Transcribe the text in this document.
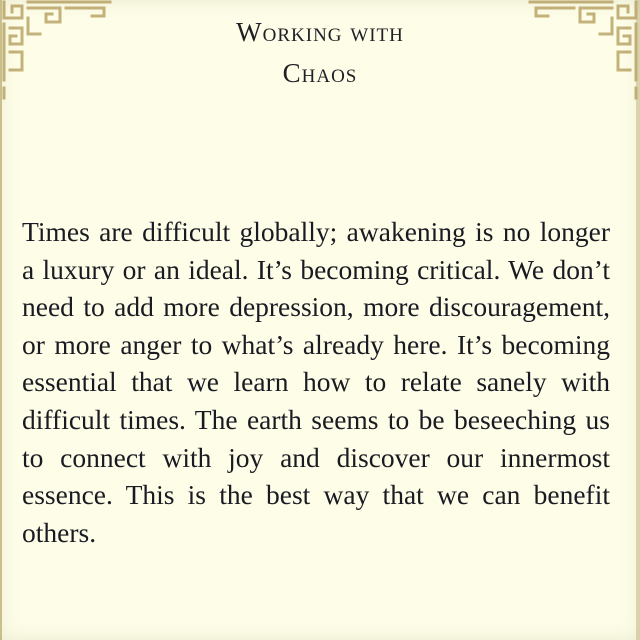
Working with
Chaos

Times are difficult globally; awakening is no longer a luxury or an ideal. It’s becoming critical. We don’t need to add more depression, more discouragement, or more anger to what’s already here. It’s becoming essential that we learn how to relate sanely with difficult times. The earth seems to be beseeching us to connect with joy and discover our innermost essence. This is the best way that we can benefit others.
